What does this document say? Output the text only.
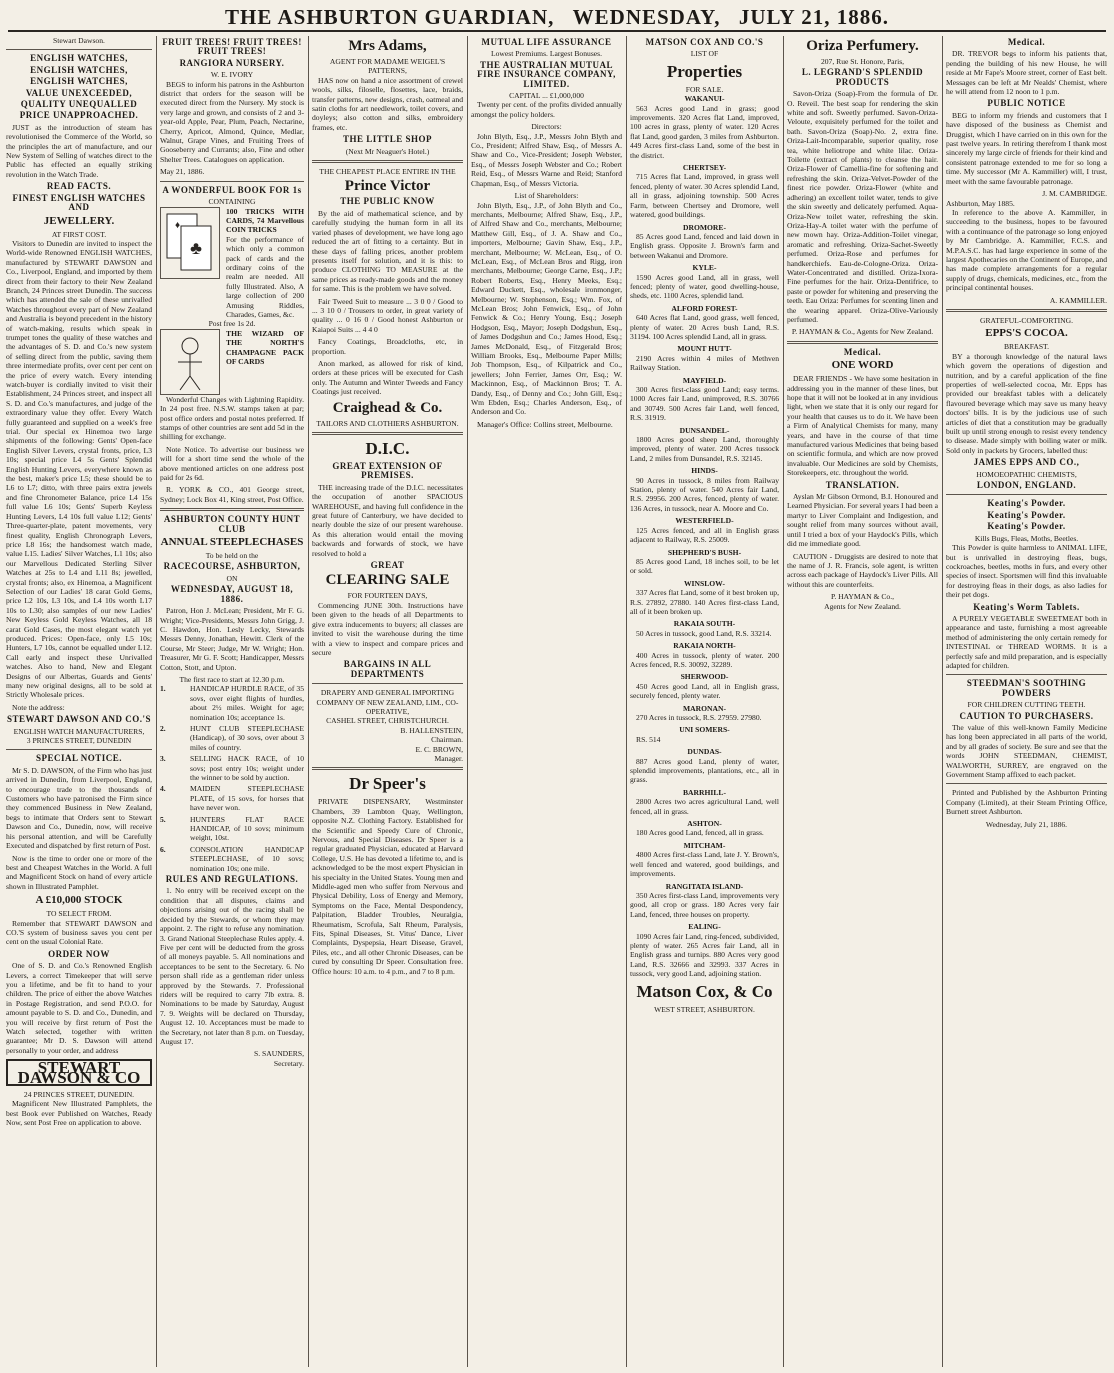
THE ASHBURTON GUARDIAN, WEDNESDAY, JULY 21, 1886.
Stewart Dawson.
ENGLISH WATCHES,
ENGLISH WATCHES,
ENGLISH WATCHES,
VALUE UNEXCEEDED,
QUALITY UNEQUALLED
PRICE UNAPPROACHED.

JUST as the introduction of steam has revolutionised the Commerce of the World, so the principles the art of manufacture, and our New System of Selling of watches direct to the Public has effected an equally striking revolution in the Watch Trade.

READ FACTS.
FINEST ENGLISH WATCHES AND
JEWELLERY.
AT FIRST COST.

Visitors to Dunedin are invited to inspect the World-wide Renowned ENGLISH WATCHES, manufactured by STEWART DAWSON and Co., Liverpool, England, and imported by them direct from their factory to their New Zealand Branch, 24 Princes street Dunedin. The success which has attended the sale of these unrivalled Watches throughout every part of New Zealand and Australia is beyond precedent in the history of watch-making, results which speak in trumpet tones the quality of these watches and the advantages of S. D. and Co.'s new system of selling direct from the public, saving them three intermediate profits, over cent per cent on the price of every watch. Every intending watch-buyer is cordially invited to visit their Establishment, 24 Princes street, and inspect all S. D. and Co.'s manufactures, and judge of the extraordinary value they offer. Every Watch fully guaranteed and supplied on a week's free trial. Our special ex Hinemoa two large shipments of the following: Gents' Open-face English Silver Levers, crystal fronts, price, L3 10s; special price L4 5s Gents' Splendid English Hunting Levers, everywhere known as the best, maker's price L5; these should be to L6 to L7; ditto, with three pairs extra jewels and fine Chronometer Balance, price L4 15s full value L6 10s; Gents' Superb Keyless Hunting Levers, L4 10s full value L12; Gents' Three-quarter-plate, patent movements, very finest quality, English Chronograph Levers, price L8 16s; the handsomest watch made, value L15. Ladies' Silver Watches, L1 10s; also our Marvellous Dedicated Sterling Silver Watches at 25s to L4 and L11 8s; jewelled, crystal fronts; also, ex Hinemoa, a Magnificent Selection of our Ladies' 18 carat Gold Gems, price L2 10s, L3 10s, and L4 10s worth L17 10s to L30; also samples of our new Ladies' New Keyless Gold Keyless Watches, all 18 carat Gold Cases, the most elegant watch yet produced. Prices: Open-face, only L5 10s; Hunters, L7 10s, cannot be equalled under L12. Call early and inspect these Unrivalled watches. Also to hand, New and Elegant Designs of our Albertas, Guards and Gents' many new original designs, all to be sold at Strictly Wholesale prices.

Note the address:

STEWART DAWSON AND CO.'S
ENGLISH WATCH MANUFACTURERS,
3 PRINCES STREET, DUNEDIN
SPECIAL NOTICE.

Mr S. D. DAWSON, of the Firm who has just arrived in Dunedin, from Liverpool, England, to encourage trade to the thousands of Customers who have patronised the Firm since they commenced Business in New Zealand, begs to intimate that Orders sent to Stewart Dawson and Co., Dunedin, now, will receive his personal attention, and will be Carefully Executed and dispatched by first return of Post.

Now is the time to order one or more of the best and Cheapest Watches in the World. A full and Magnificent Stock on hand of every article shown in Illustrated Pamphlet.

A £10,000 STOCK
TO SELECT FROM.

Remember that STEWART DAWSON and CO.'S system of business saves you cent per cent on the usual Colonial Rate.

ORDER NOW

One of S. D. and Co.'s Renowned English Levers, a correct Timekeeper that will serve you a lifetime, and be fit to hand to your children. The price of either the above Watches in Postage Registration, and send P.O.O. for amount payable to S. D. and Co., Dunedin, and you will receive by first return of Post the Watch selected, together with written guarantee; Mr D. S. Dawson will attend personally to your order, and address

STEWART DAWSON & CO
24 PRINCES STREET, DUNEDIN.

Magnificent New Illustrated Pamphlets, the best Book ever Published on Watches, Ready Now, sent Post Free on application to above.

FRUIT TREES! FRUIT TREES! FRUIT TREES!
RANGIORA NURSERY.
W. E. IVORY

BEGS to inform his patrons in the Ashburton district that orders for the season will be executed direct from the Nursery. My stock is very large and grown, and consists of 2 and 3-year-old Apple, Pear, Plum, Peach, Nectarine, Cherry, Apricot, Almond, Quince, Medlar, Walnut, Grape Vines, and Fruiting Trees of Gooseberry and Currants; also, Fine and other Shelter Trees. Catalogues on application.

May 21, 1886.
A WONDERFUL BOOK FOR 1s
CONTAINING
♣
♦
100 TRICKS WITH CARDS, 74 Marvellous COIN TRICKS
For the performance of which only a common pack of cards and the ordinary coins of the realm are needed. All fully Illustrated. Also, A large collection of 200 Amusing Riddles, Charades, Games, &c.
Post free 1s 2d.
THE WIZARD OF THE NORTH'S CHAMPAGNE PACK OF CARDS

Wonderful Changes with Lightning Rapidity. In 24 post free. N.S.W. stamps taken at par; post office orders and postal notes preferred. If stamps of other countries are sent add 5d in the shilling for exchange.

Note Notice. To advertise our business we will for a short time send the whole of the above mentioned articles on one address post paid for 2s 6d.

R. YORK & CO., 401 George street, Sydney; Lock Box 41, King street, Post Office.

ASHBURTON COUNTY HUNT CLUB
ANNUAL STEEPLECHASES
To be held on the
RACECOURSE, ASHBURTON,
ON
WEDNESDAY, AUGUST 18, 1886.

Patron, Hon J. McLean; President, Mr F. G. Wright; Vice-Presidents, Messrs John Grigg, J. C. Hawdon, Hon. Lesly Lecky, Stewards Messrs Denny, Jonathan, Hewitt. Clerk of the Course, Mr Steer; Judge, Mr W. Wright; Hon. Treasurer, Mr G. F. Scott; Handicapper, Messrs Cotton, Stott, and Upton.

The first race to start at 12.30 p.m.
1.	HANDICAP HURDLE RACE, of 35 sovs, over eight flights of hurdles, about 2½ miles. Weight for age; nomination 10s; acceptance 1s.
2.	HUNT CLUB STEEPLECHASE (Handicap), of 30 sovs, over about 3 miles of country.
3.	SELLING HACK RACE, of 10 sovs; post entry 10s; weight under the winner to be sold by auction.
4.	MAIDEN STEEPLECHASE PLATE, of 15 sovs, for horses that have never won.
5.	HUNTERS FLAT RACE HANDICAP, of 10 sovs; minimum weight, 10st.
6.	CONSOLATION HANDICAP STEEPLECHASE, of 10 sovs; nomination 10s; one mile.
RULES AND REGULATIONS.

1. No entry will be received except on the condition that all disputes, claims and objections arising out of the racing shall be decided by the Stewards, or whom they may appoint. 2. The right to refuse any nomination. 3. Grand National Steeplechase Rules apply. 4. Five per cent will be deducted from the gross of all moneys payable. 5. All nominations and acceptances to be sent to the Secretary. 6. No person shall ride as a gentleman rider unless approved by the Stewards. 7. Professional riders will be required to carry 7lb extra. 8. Nominations to be made by Saturday, August 7. 9. Weights will be declared on Thursday, August 12. 10. Acceptances must be made to the Secretary, not later than 8 p.m. on Tuesday, August 17.

S. SAUNDERS,
Secretary.
Mrs Adams,
AGENT FOR MADAME WEIGEL'S PATTERNS,

HAS now on hand a nice assortment of crewel wools, silks, filoselle, flosettes, lace, braids, transfer patterns, new designs, crash, oatmeal and satin cloths for art needlework, toilet covers, and doyleys; also cotton and silks, embroidery frames, etc.

THE LITTLE SHOP
(Next Mr Neaguer's Hotel.)
THE CHEAPEST PLACE ENTIRE IN THE
Prince Victor
THE PUBLIC KNOW

By the aid of mathematical science, and by carefully studying the human form in all its varied phases of development, we have long ago reduced the art of fitting to a certainty. But in these days of falling prices, another problem presents itself for solution, and it is this: to produce CLOTHING TO MEASURE at the same prices as ready-made goods and the money for same. This is the problem we have solved.

Fair Tweed Suit to measure ... 3 0 0 / Good to ... 3 10 0 / Trousers to order, in great variety of quality ... 0 16 0 / Good honest Ashburton or Kaiapoi Suits ... 4 4 0

Fancy Coatings, Broadcloths, etc, in proportion.

Anon marked, as allowed for risk of kind, orders at these prices will be executed for Cash only. The Autumn and Winter Tweeds and Fancy Coatings just received.

Craighead & Co.
TAILORS AND CLOTHIERS ASHBURTON.
D.I.C.
GREAT EXTENSION OF PREMISES.

THE increasing trade of the D.I.C. necessitates the occupation of another SPACIOUS WAREHOUSE, and having full confidence in the great future of Canterbury, we have decided to nearly double the size of our present warehouse. As this alteration would entail the moving backwards and forwards of stock, we have resolved to hold a

GREAT
CLEARING SALE
FOR FOURTEEN DAYS,

Commencing JUNE 30th. Instructions have been given to the heads of all Departments to give extra inducements to buyers; all classes are invited to visit the warehouse during the time with a view to inspect and compare prices and secure

BARGAINS IN ALL DEPARTMENTS
DRAPERY AND GENERAL IMPORTING COMPANY OF NEW ZEALAND, LIM., CO-OPERATIVE,
CASHEL STREET, CHRISTCHURCH.
B. HALLENSTEIN,
Chairman.
E. C. BROWN,
Manager.
Dr Speer's

PRIVATE DISPENSARY, Westminster Chambers, 39 Lambton Quay, Wellington, opposite N.Z. Clothing Factory. Established for the Scientific and Speedy Cure of Chronic, Nervous, and Special Diseases. Dr Speer is a regular graduated Physician, educated at Harvard College, U.S. He has devoted a lifetime to, and is acknowledged to be the most expert Physician in his specialty in the United States. Young men and Middle-aged men who suffer from Nervous and Physical Debility, Loss of Energy and Memory, Symptoms on the Face, Mental Despondency, Palpitation, Bladder Troubles, Neuralgia, Rheumatism, Scrofula, Salt Rheum, Paralysis, Fits, Spinal Diseases, St. Vitus' Dance, Liver Complaints, Dyspepsia, Heart Disease, Gravel, Piles, etc., and all other Chronic Diseases, can be cured by consulting Dr Speer. Consultation free. Office hours: 10 a.m. to 4 p.m., and 7 to 8 p.m.

MUTUAL LIFE ASSURANCE
Lowest Premiums. Largest Bonuses.
THE AUSTRALIAN MUTUAL FIRE INSURANCE COMPANY, LIMITED.
CAPITAL ... £1,000,000

Twenty per cent. of the profits divided annually amongst the policy holders.

Directors:

John Blyth, Esq., J.P., Messrs John Blyth and Co., President; Alfred Shaw, Esq., of Messrs A. Shaw and Co., Vice-President; Joseph Webster, Esq., of Messrs Joseph Webster and Co.; Robert Reid, Esq., of Messrs Warne and Reid; Stanford Chapman, Esq., of Messrs Victoria.

List of Shareholders:

John Blyth, Esq., J.P., of John Blyth and Co., merchants, Melbourne; Alfred Shaw, Esq., J.P., of Alfred Shaw and Co., merchants, Melbourne; Matthew Gill, Esq., of J. A. Shaw and Co., importers, Melbourne; Gavin Shaw, Esq., J.P., merchant, Melbourne; W. McLean, Esq., of O. McLean, Esq., of McLean Bros and Rigg, iron merchants, Melbourne; George Carne, Esq., J.P.; Robert Roberts, Esq., Henry Meeks, Esq.; Edward Duckett, Esq., wholesale ironmonger, Melbourne; W. Stephenson, Esq.; Wm. Fox, of McLean Bros; John Fenwick, Esq., of John Fenwick & Co.; Henry Young, Esq.; Joseph Hodgson, Esq., Mayor; Joseph Dodgshun, Esq., of James Dodgshun and Co.; James Hood, Esq.; James McDonald, Esq., of Fitzgerald Bros; William Brooks, Esq., Melbourne Paper Mills; Job Thompson, Esq., of Kilpatrick and Co., jewellers; John Ferrier, James Orr, Esq.; W. Mackinnon, Esq., of Mackinnon Bros; T. A. Dandy, Esq., of Denny and Co.; John Gill, Esq.; Wm Ebden, Esq.; Charles Anderson, Esq., of Anderson and Co.

Manager's Office: Collins street, Melbourne.

MATSON COX AND CO.'S
LIST OF
Properties
FOR SALE.
WAKANUI-

563 Acres good Land in grass; good improvements. 320 Acres flat Land, improved, 100 acres in grass, plenty of water. 120 Acres flat Land, good garden, 3 miles from Ashburton. 449 Acres first-class Land, some of the best in the district.

CHERTSEY-

715 Acres flat Land, improved, in grass well fenced, plenty of water. 30 Acres splendid Land, all in grass, adjoining township. 500 Acres Farm, between Chertsey and Dromore, well watered, good buildings.

DROMORE-

85 Acres good Land, fenced and laid down in English grass. Opposite J. Brown's farm and between Wakanui and Dromore.

KYLE-

1590 Acres good Land, all in grass, well fenced; plenty of water, good dwelling-house, sheds, etc. 1100 Acres, splendid land.

ALFORD FOREST-

640 Acres flat Land, good grass, well fenced, plenty of water. 20 Acres bush Land, R.S. 31194. 100 Acres splendid Land, all in grass.

MOUNT HUTT-

2190 Acres within 4 miles of Methven Railway Station.

MAYFIELD-

300 Acres first-class good Land; easy terms. 1000 Acres fair Land, unimproved, R.S. 30766 and 30749. 500 Acres fair Land, well fenced, R.S. 31919.

DUNSANDEL-

1800 Acres good sheep Land, thoroughly improved, plenty of water. 200 Acres tussock Land, 2 miles from Dunsandel, R.S. 32145.

HINDS-

90 Acres in tussock, 8 miles from Railway Station, plenty of water. 540 Acres fair Land, R.S. 29956. 200 Acres, fenced, plenty of water. 136 Acres, in tussock, near A. Moore and Co.

WESTERFIELD-

125 Acres fenced, and all in English grass adjacent to Railway, R.S. 25009.

SHEPHERD'S BUSH-

85 Acres good Land, 18 inches soil, to be let or sold.

WINSLOW-

337 Acres flat Land, some of it best broken up, R.S. 27892, 27880. 140 Acres first-class Land, all of it been broken up.

RAKAIA SOUTH-

50 Acres in tussock, good Land, R.S. 33214.

RAKAIA NORTH-

400 Acres in tussock, plenty of water. 200 Acres fenced, R.S. 30092, 32289.

SHERWOOD-

450 Acres good Land, all in English grass, securely fenced, plenty water.

MARONAN-

270 Acres in tussock, R.S. 27959. 27980.

UNI SOMERS-

RS. 514

DUNDAS-

887 Acres good Land, plenty of water, splendid improvements, plantations, etc., all in grass.

BARRHILL-

2800 Acres two acres agricultural Land, well fenced, all in grass.

ASHTON-

180 Acres good Land, fenced, all in grass.

MITCHAM-

4800 Acres first-class Land, late J. Y. Brown's, well fenced and watered, good buildings, and improvements.

RANGITATA ISLAND-

350 Acres first-class Land, improvements very good, all crop or grass. 180 Acres very fair Land, fenced, three houses on property.

EALING-

1090 Acres fair Land, ring-fenced, subdivided, plenty of water. 265 Acres fair Land, all in English grass and turnips. 880 Acres very good Land, R.S. 32666 and 32993. 337 Acres in tussock, very good Land, adjoining station.

Matson Cox, & Co
WEST STREET, ASHBURTON.
Oriza Perfumery.
207, Rue St. Honore, Paris,
L. LEGRAND'S SPLENDID PRODUCTS

Savon-Oriza (Soap)-From the formula of Dr. O. Reveil. The best soap for rendering the skin white and soft. Sweetly perfumed. Savon-Oriza-Veloute, exquisitely perfumed for the toilet and bath. Savon-Oriza (Soap)-No. 2, extra fine. Oriza-Lait-Incomparable, superior quality, rose tea, white heliotrope and white lilac. Oriza-Toilette (extract of plants) to cleanse the hair. Oriza-Flower of Camellia-fine for softening and refreshing the skin. Oriza-Velvet-Powder of the finest rice powder. Oriza-Flower (white and adhering) an excellent toilet water, tends to give the skin sweetly and delicately perfumed. Aqua-Oriza-New toilet water, refreshing the skin. Oriza-Hay-A toilet water with the perfume of new mown hay. Oriza-Addition-Toilet vinegar, aromatic and refreshing. Oriza-Sachet-Sweetly perfumed. Oriza-Rose and perfumes for handkerchiefs. Eau-de-Cologne-Oriza. Oriza-Water-Concentrated and distilled. Oriza-Ixora-Fine perfumes for the hair. Oriza-Dentifrice, to paste or powder for whitening and preserving the teeth. Eau Oriza: Perfumes for scenting linen and the wearing apparel. Oriza-Olive-Variously perfumed.

P. HAYMAN & Co., Agents for New Zealand.
Medical.
ONE WORD

DEAR FRIENDS - We have some hesitation in addressing you in the manner of these lines, but hope that it will not be looked at in any invidious light, when we state that it is only our regard for your health that causes us to do it. We have been a Firm of Analytical Chemists for many, many years, and have in the course of that time manufactured various Medicines that being based on scientific formula, and which are now proved invaluable. Our Medicines are sold by Chemists, Storekeepers, etc. throughout the world.

TRANSLATION.

Ayslan Mr Gibson Ormond, B.I. Honoured and Learned Physician. For several years I had been a martyr to Liver Complaint and Indigestion, and sought relief from many sources without avail, until I tried a box of your Haydock's Pills, which did me immediate good.

CAUTION - Druggists are desired to note that the name of J. R. Francis, sole agent, is written across each package of Haydock's Liver Pills. All without this are counterfeits.

P. HAYMAN & Co.,
Agents for New Zealand.
Medical.

DR. TREVOR begs to inform his patients that, pending the building of his new House, he will reside at Mr Fape's Moore street, corner of East belt. Messages can be left at Mr Nealds' Chemist, where he will attend from 12 noon to 1 p.m.

PUBLIC NOTICE

BEG to inform my friends and customers that I have disposed of the business as Chemist and Druggist, which I have carried on in this own for the past twelve years. In retiring therefrom I thank most sincerely my large circle of friends for their kind and consistent patronage extended to me for so long a time. My successor (Mr A. Kammiller) will, I trust, meet with the same favourable patronage.

J. M. CAMBRIDGE.
Ashburton, May 1885.

In reference to the above A. Kammiller, in succeeding to the business, hopes to be favoured with a continuance of the patronage so long enjoyed by Mr Cambridge. A. Kammiller, F.C.S. and M.P.A.S.C. has had large experience in some of the largest Apothecaries on the Continent of Europe, and has made complete arrangements for a regular supply of drugs, chemicals, medicines, etc., from the principal continental houses.

A. KAMMILLER.
GRATEFUL-COMFORTING.
EPPS'S COCOA.
BREAKFAST.

BY a thorough knowledge of the natural laws which govern the operations of digestion and nutrition, and by a careful application of the fine properties of well-selected cocoa, Mr. Epps has provided our breakfast tables with a delicately flavoured beverage which may save us many heavy doctors' bills. It is by the judicious use of such articles of diet that a constitution may be gradually built up until strong enough to resist every tendency to disease. Made simply with boiling water or milk. Sold only in packets by Grocers, labelled thus:

JAMES EPPS AND CO.,
HOMOEOPATHIC CHEMISTS,
LONDON, ENGLAND.
Keating's Powder.
Keating's Powder.
Keating's Powder.
Kills Bugs, Fleas, Moths, Beetles.

This Powder is quite harmless to ANIMAL LIFE, but is unrivalled in destroying fleas, bugs, cockroaches, beetles, moths in furs, and every other species of insect. Sportsmen will find this invaluable for destroying fleas in their dogs, as also ladies for their pet dogs.

Keating's Worm Tablets.

A PURELY VEGETABLE SWEETMEAT both in appearance and taste, furnishing a most agreeable method of administering the only certain remedy for INTESTINAL or THREAD WORMS. It is a perfectly safe and mild preparation, and is especially adapted for children.

STEEDMAN'S SOOTHING POWDERS
FOR CHILDREN CUTTING TEETH.
CAUTION TO PURCHASERS.

The value of this well-known Family Medicine has long been appreciated in all parts of the world, and by all grades of society. Be sure and see that the words JOHN STEEDMAN, CHEMIST, WALWORTH, SURREY, are engraved on the Government Stamp affixed to each packet.

Printed and Published by the Ashburton Printing Company (Limited), at their Steam Printing Office, Burnett street Ashburton.

Wednesday, July 21, 1886.
